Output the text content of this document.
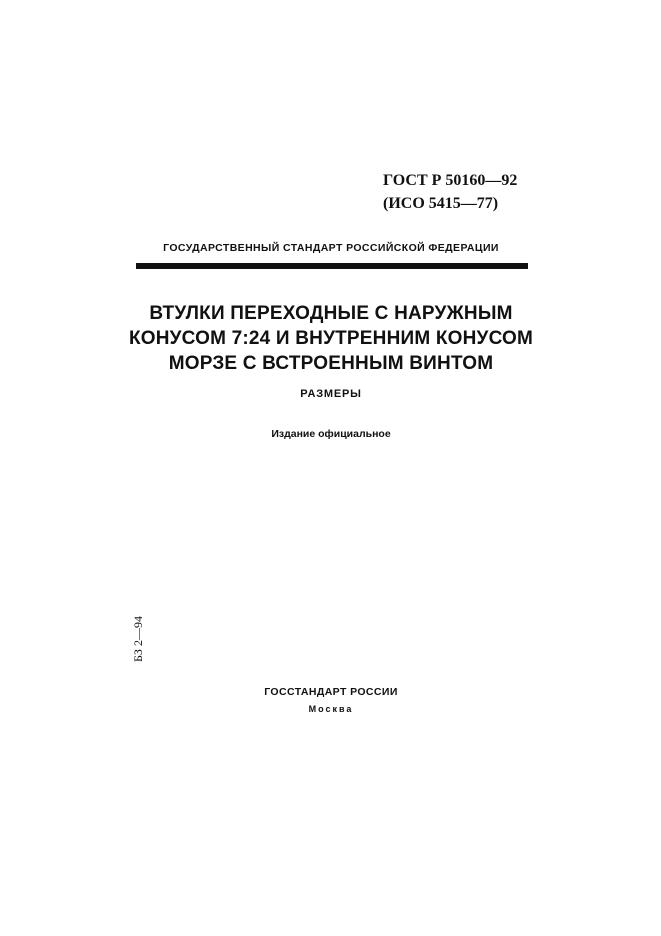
ГОСТ Р 50160—92
(ИСО 5415—77)
ГОСУДАРСТВЕННЫЙ СТАНДАРТ РОССИЙСКОЙ ФЕДЕРАЦИИ
ВТУЛКИ ПЕРЕХОДНЫЕ С НАРУЖНЫМ
КОНУСОМ 7:24 И ВНУТРЕННИМ КОНУСОМ
МОРЗЕ С ВСТРОЕННЫМ ВИНТОМ
РАЗМЕРЫ
Издание официальное
БЗ 2—94
ГОССТАНДАРТ РОССИИ
Москва
